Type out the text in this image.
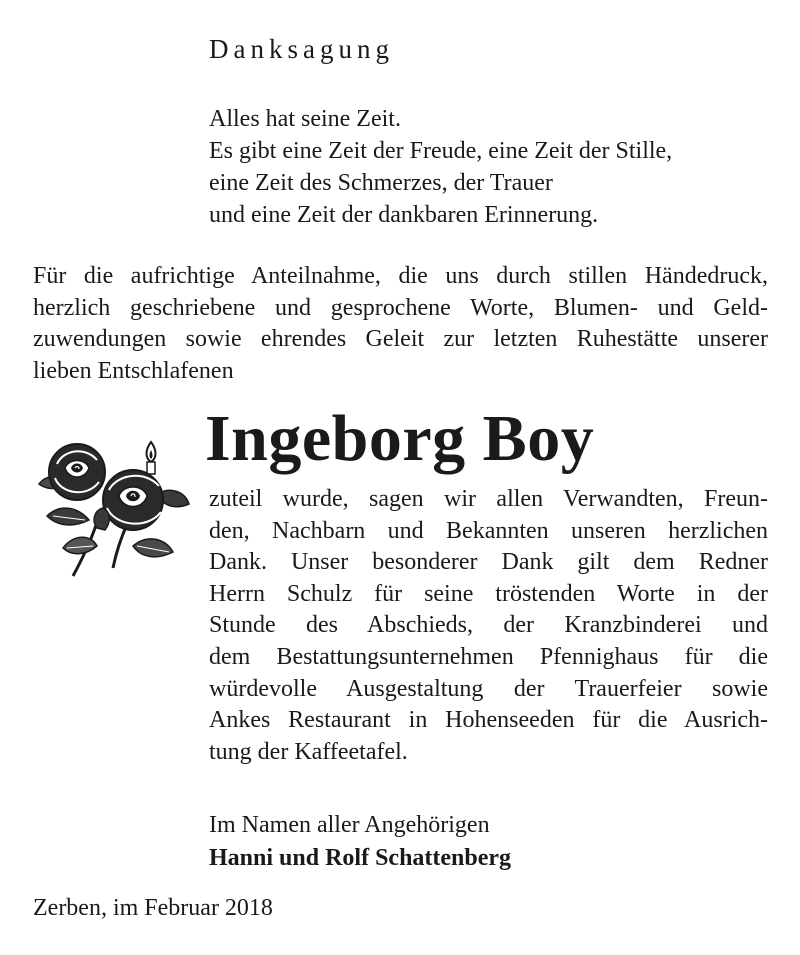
Danksagung
Alles hat seine Zeit.
Es gibt eine Zeit der Freude, eine Zeit der Stille,
eine Zeit des Schmerzes, der Trauer
und eine Zeit der dankbaren Erinnerung.
Für die aufrichtige Anteilnahme, die uns durch stillen Händedruck,
herzlich geschriebene und gesprochene Worte, Blumen- und Geld-
zuwendungen sowie ehrendes Geleit zur letzten Ruhestätte unserer
lieben Entschlafenen
Ingeborg Boy
zuteil wurde, sagen wir allen Verwandten, Freun-
den, Nachbarn und Bekannten unseren herzlichen
Dank. Unser besonderer Dank gilt dem Redner
Herrn Schulz für seine tröstenden Worte in der
Stunde des Abschieds, der Kranzbinderei und
dem Bestattungsunternehmen Pfennighaus für die
würdevolle Ausgestaltung der Trauerfeier sowie
Ankes Restaurant in Hohenseeden für die Ausrich-
tung der Kaffeetafel.
Im Namen aller Angehörigen
Hanni und Rolf Schattenberg
Zerben, im Februar 2018
